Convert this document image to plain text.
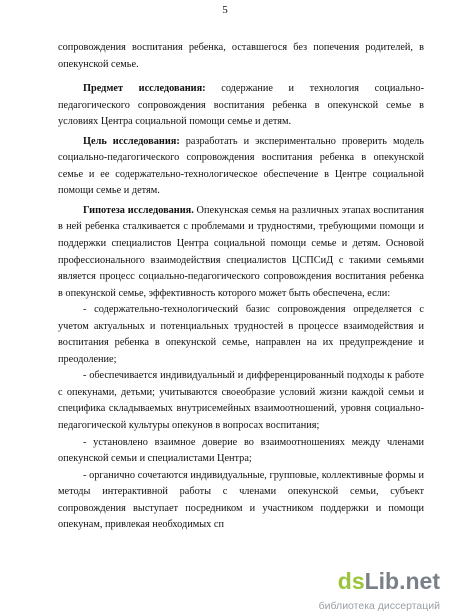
5

сопровождения воспитания ребенка, оставшегося без попечения родителей, в опекунской семье.

Предмет исследования: содержание и технология социально-педагогического сопровождения воспитания ребенка в опекунской семье в условиях Центра социальной помощи семье и детям.

Цель исследования: разработать и экспериментально проверить модель социально-педагогического сопровождения воспитания ребенка в опекунской семье и ее содержательно-технологическое обеспечение в Центре социальной помощи семье и детям.

Гипотеза исследования. Опекунская семья на различных этапах воспитания в ней ребенка сталкивается с проблемами и трудностями, требующими помощи и поддержки специалистов Центра социальной помощи семье и детям. Основой профессионального взаимодействия специалистов ЦСПСиД с такими семьями является процесс социально-педагогического сопровождения воспитания ребенка в опекунской семье, эффективность которого может быть обеспечена, если:

- содержательно-технологический базис сопровождения определяется с учетом актуальных и потенциальных трудностей в процессе взаимодействия и воспитания ребенка в опекунской семье, направлен на их предупреждение и преодоление;

- обеспечивается индивидуальный и дифференцированный подходы к работе с опекунами, детьми; учитываются своеобразие условий жизни каждой семьи и специфика складываемых внутрисемейных взаимоотношений, уровня социально-педагогической культуры опекунов в вопросах воспитания;

- установлено взаимное доверие во взаимоотношениях между членами опекунской семьи и специалистами Центра;

- органично сочетаются индивидуальные, групповые, коллективные формы и методы интерактивной работы с членами опекунской семьи, субъект сопровождения выступает посредником и участником поддержки и помощи опекунам, привлекая необходимых сп

dsLib.net
библиотека диссертаций
